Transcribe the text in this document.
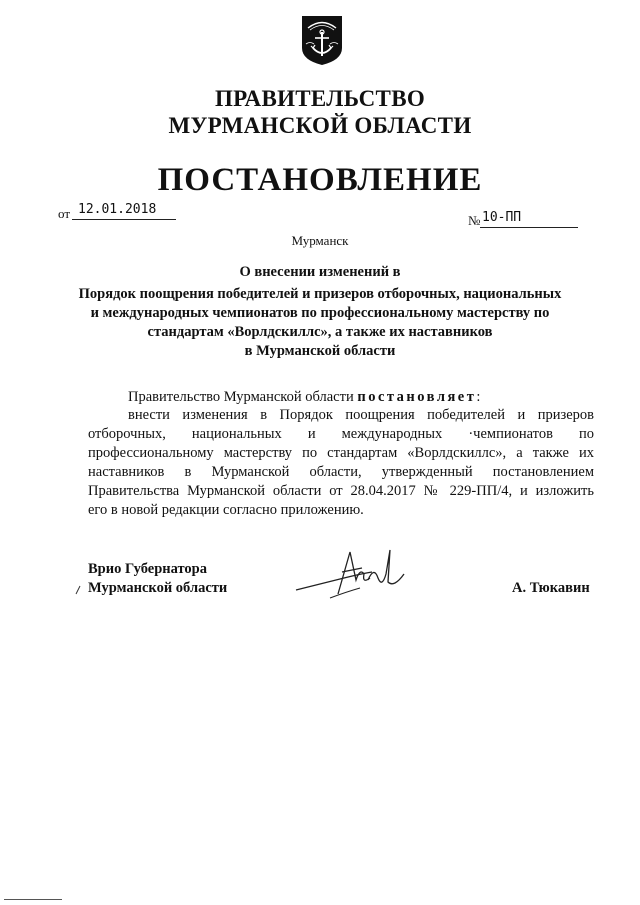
ПРАВИТЕЛЬСТВО
МУРМАНСКОЙ ОБЛАСТИ
ПОСТАНОВЛЕНИЕ
от 12.01.2018
№ 10-ПП
Мурманск
О внесении изменений в
Порядок поощрения победителей и призеров отборочных, национальных
и международных чемпионатов по профессиональному мастерству по
стандартам «Ворлдскиллс», а также их наставников
в Мурманской области
Правительство Мурманской области постановляет:
внести изменения в Порядок поощрения победителей и призеров
отборочных, национальных и международных ·чемпионатов по
профессиональному мастерству по стандартам «Ворлдскиллс», а также их
наставников в Мурманской области, утвержденный постановлением
Правительства Мурманской области от 28.04.2017 № 229-ПП/4, и изложить
его в новой редакции согласно приложению.
Врио Губернатора
Мурманской области	А. Тюкавин
